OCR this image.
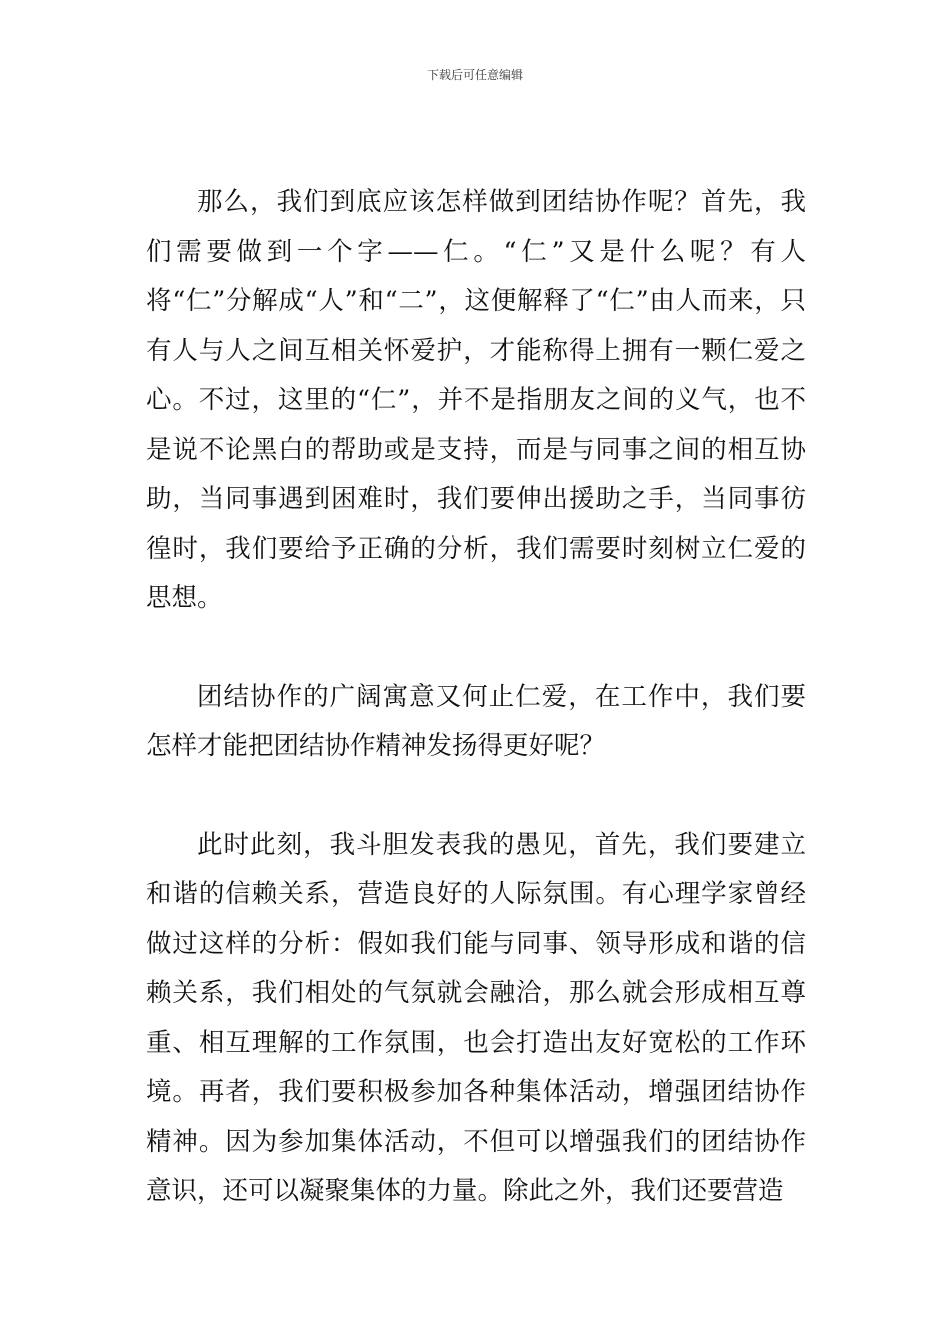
下载后可任意编辑

那么，我们到底应该怎样做到团结协作呢？首先，我们需要做到一个字——仁。“仁”又是什么呢？有人将“仁”分解成“人”和“二”，这便解释了“仁”由人而来，只有人与人之间互相关怀爱护，才能称得上拥有一颗仁爱之心。不过，这里的“仁”，并不是指朋友之间的义气，也不是说不论黑白的帮助或是支持，而是与同事之间的相互协助，当同事遇到困难时，我们要伸出援助之手，当同事彷徨时，我们要给予正确的分析，我们需要时刻树立仁爱的思想。

团结协作的广阔寓意又何止仁爱，在工作中，我们要怎样才能把团结协作精神发扬得更好呢？

此时此刻，我斗胆发表我的愚见，首先，我们要建立和谐的信赖关系，营造良好的人际氛围。有心理学家曾经做过这样的分析：假如我们能与同事、领导形成和谐的信赖关系，我们相处的气氛就会融洽，那么就会形成相互尊重、相互理解的工作氛围，也会打造出友好宽松的工作环境。再者，我们要积极参加各种集体活动，增强团结协作精神。因为参加集体活动，不但可以增强我们的团结协作意识，还可以凝聚集体的力量。除此之外，我们还要营造
